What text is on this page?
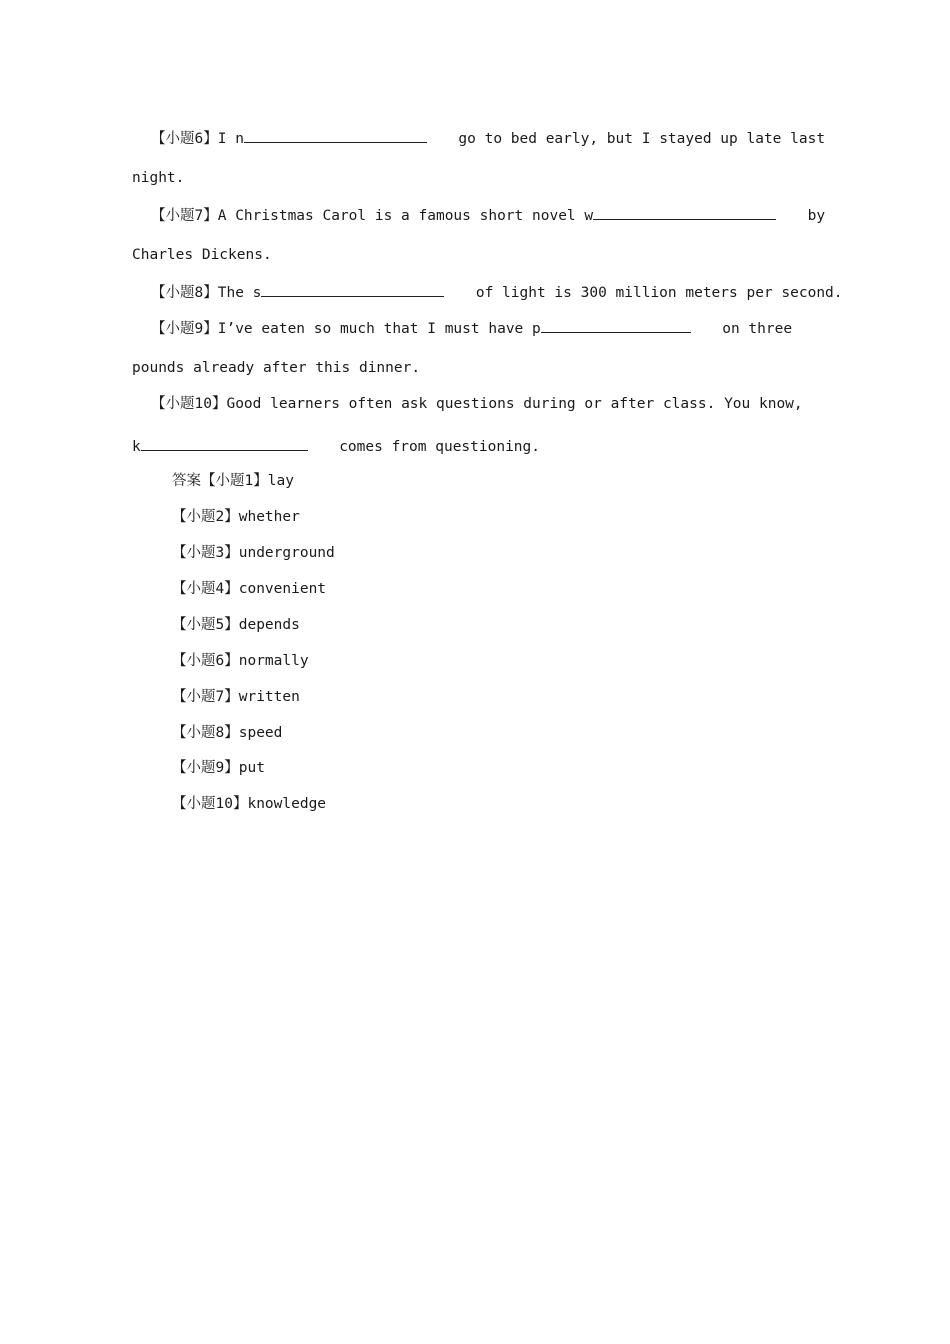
【小题6】I n	go to bed early, but I stayed up late last
night.
【小题7】A Christmas Carol is a famous short novel w	by
Charles Dickens.
【小题8】The s	of light is 300 million meters per second.
【小题9】I’ve eaten so much that I must have p	on three
pounds already after this dinner.
【小题10】Good learners often ask questions during or after class. You know,
k	comes from questioning.
答案【小题1】lay
【小题2】whether
【小题3】underground
【小题4】convenient
【小题5】depends
【小题6】normally
【小题7】written
【小题8】speed
【小题9】put
【小题10】knowledge
